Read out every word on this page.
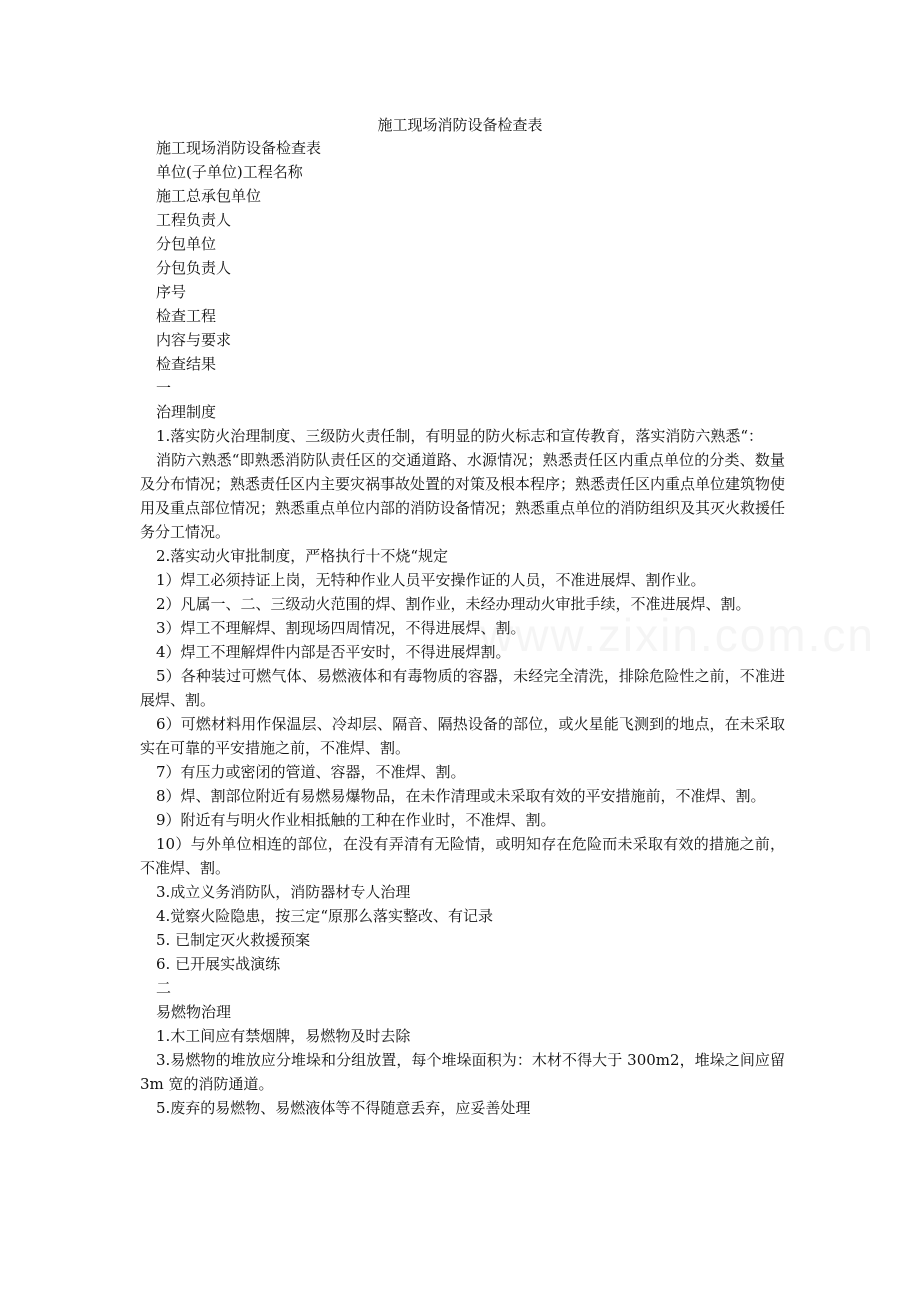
www.zixin.com.cn
施工现场消防设备检查表

施工现场消防设备检查表

单位(子单位)工程名称

施工总承包单位

工程负责人

分包单位

分包负责人

序号

检查工程

内容与要求

检查结果

一

治理制度

1.落实防火治理制度、三级防火责任制，有明显的防火标志和宣传教育，落实消防六熟悉“：

消防六熟悉“即熟悉消防队责任区的交通道路、水源情况；熟悉责任区内重点单位的分类、数量及分布情况；熟悉责任区内主要灾祸事故处置的对策及根本程序；熟悉责任区内重点单位建筑物使用及重点部位情况；熟悉重点单位内部的消防设备情况；熟悉重点单位的消防组织及其灭火救援任务分工情况。

2.落实动火审批制度，严格执行十不烧“规定

1）焊工必须持证上岗，无特种作业人员平安操作证的人员，不准进展焊、割作业。

2）凡属一、二、三级动火范围的焊、割作业，未经办理动火审批手续，不准进展焊、割。

3）焊工不理解焊、割现场四周情况，不得进展焊、割。

4）焊工不理解焊件内部是否平安时，不得进展焊割。

5）各种装过可燃气体、易燃液体和有毒物质的容器，未经完全清洗，排除危险性之前，不准进展焊、割。

6）可燃材料用作保温层、冷却层、隔音、隔热设备的部位，或火星能飞测到的地点，在未采取实在可靠的平安措施之前，不准焊、割。

7）有压力或密闭的管道、容器，不准焊、割。

8）焊、割部位附近有易燃易爆物品，在未作清理或未采取有效的平安措施前，不准焊、割。

9）附近有与明火作业相抵触的工种在作业时，不准焊、割。

10）与外单位相连的部位，在没有弄清有无险情，或明知存在危险而未采取有效的措施之前，不准焊、割。

3.成立义务消防队，消防器材专人治理

4.觉察火险隐患，按三定“原那么落实整改、有记录

5. 已制定灭火救援预案

6. 已开展实战演练

二

易燃物治理

1.木工间应有禁烟牌，易燃物及时去除

3.易燃物的堆放应分堆垛和分组放置，每个堆垛面积为：木材不得大于 300m2，堆垛之间应留 3m 宽的消防通道。

5.废弃的易燃物、易燃液体等不得随意丢弃，应妥善处理
